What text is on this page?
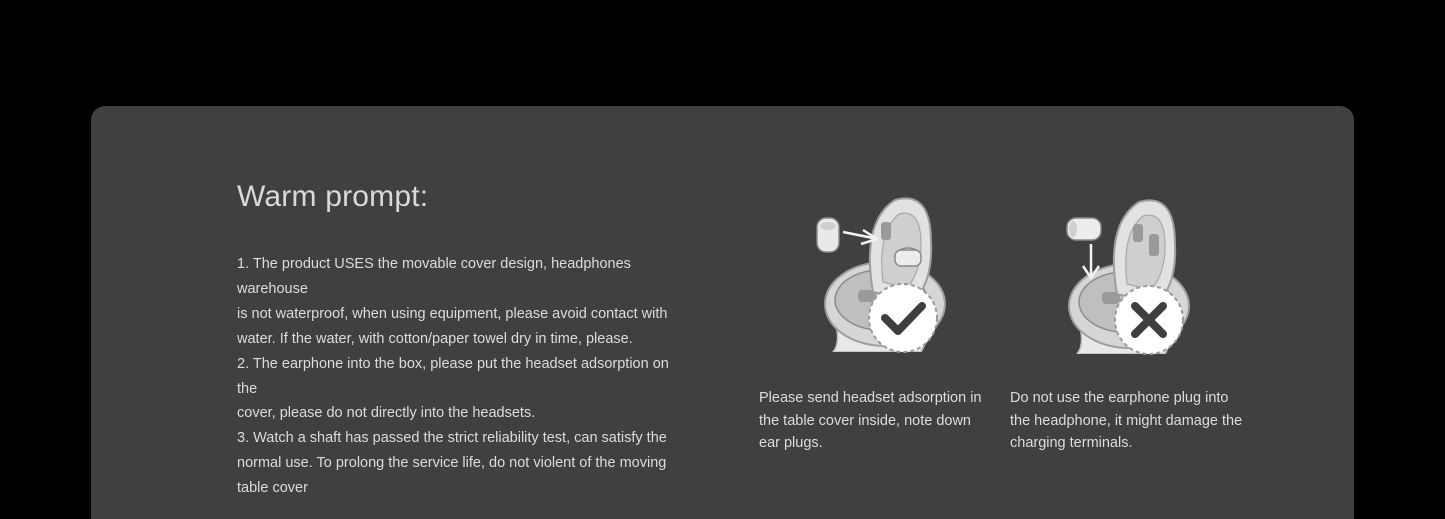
Warm prompt:

1. The product USES the movable cover design, headphones warehouse

is not waterproof, when using equipment, please avoid contact with

water. If the water, with cotton/paper towel dry in time, please.

2. The earphone into the box, please put the headset adsorption on the

cover, please do not directly into the headsets.

3. Watch a shaft has passed the strict reliability test, can satisfy the

normal use. To prolong the service life, do not violent of the moving

table cover

Please send headset adsorption in
the table cover inside, note down
ear plugs.
Do not use the earphone plug into
the headphone, it might damage the
charging terminals.
